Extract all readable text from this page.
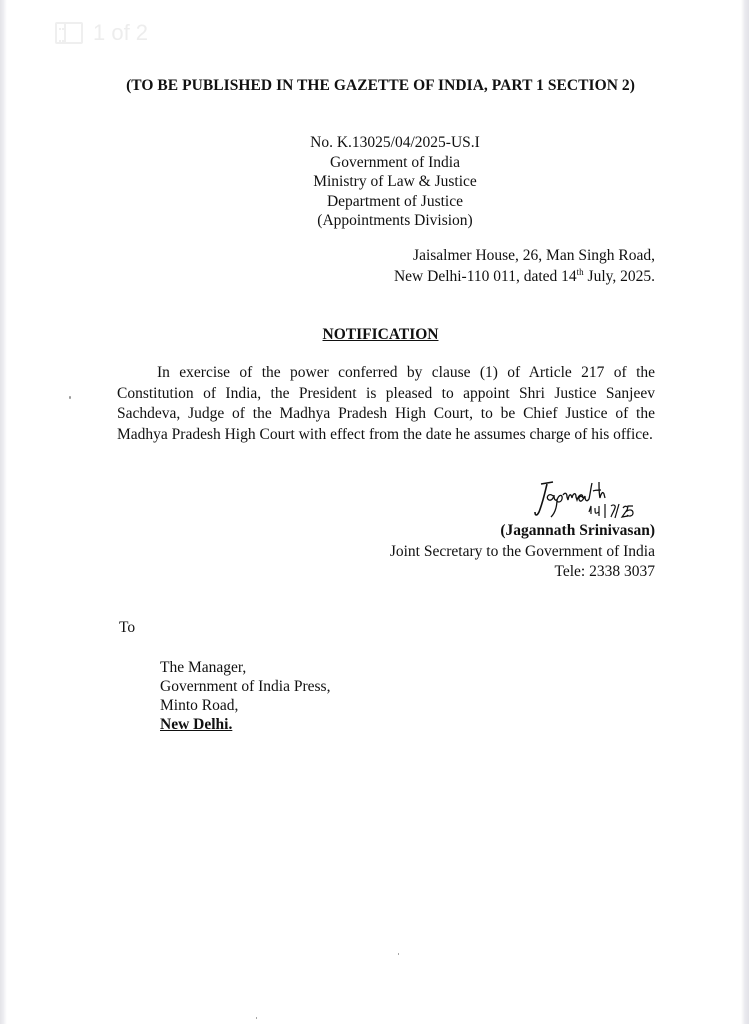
1 of 2
(TO BE PUBLISHED IN THE GAZETTE OF INDIA, PART 1 SECTION 2)
No. K.13025/04/2025-US.I
Government of India
Ministry of Law & Justice
Department of Justice
(Appointments Division)
Jaisalmer House, 26, Man Singh Road,
New Delhi-110 011, dated 14th July, 2025.
NOTIFICATION

In exercise of the power conferred by clause (1) of Article 217 of the Constitution of India, the President is pleased to appoint Shri Justice Sanjeev Sachdeva, Judge of the Madhya Pradesh High Court, to be Chief Justice of the Madhya Pradesh High Court with effect from the date he assumes charge of his office.

(Jagannath Srinivasan)
Joint Secretary to the Government of India
Tele: 2338 3037
To
The Manager,
Government of India Press,
Minto Road,
New Delhi.
